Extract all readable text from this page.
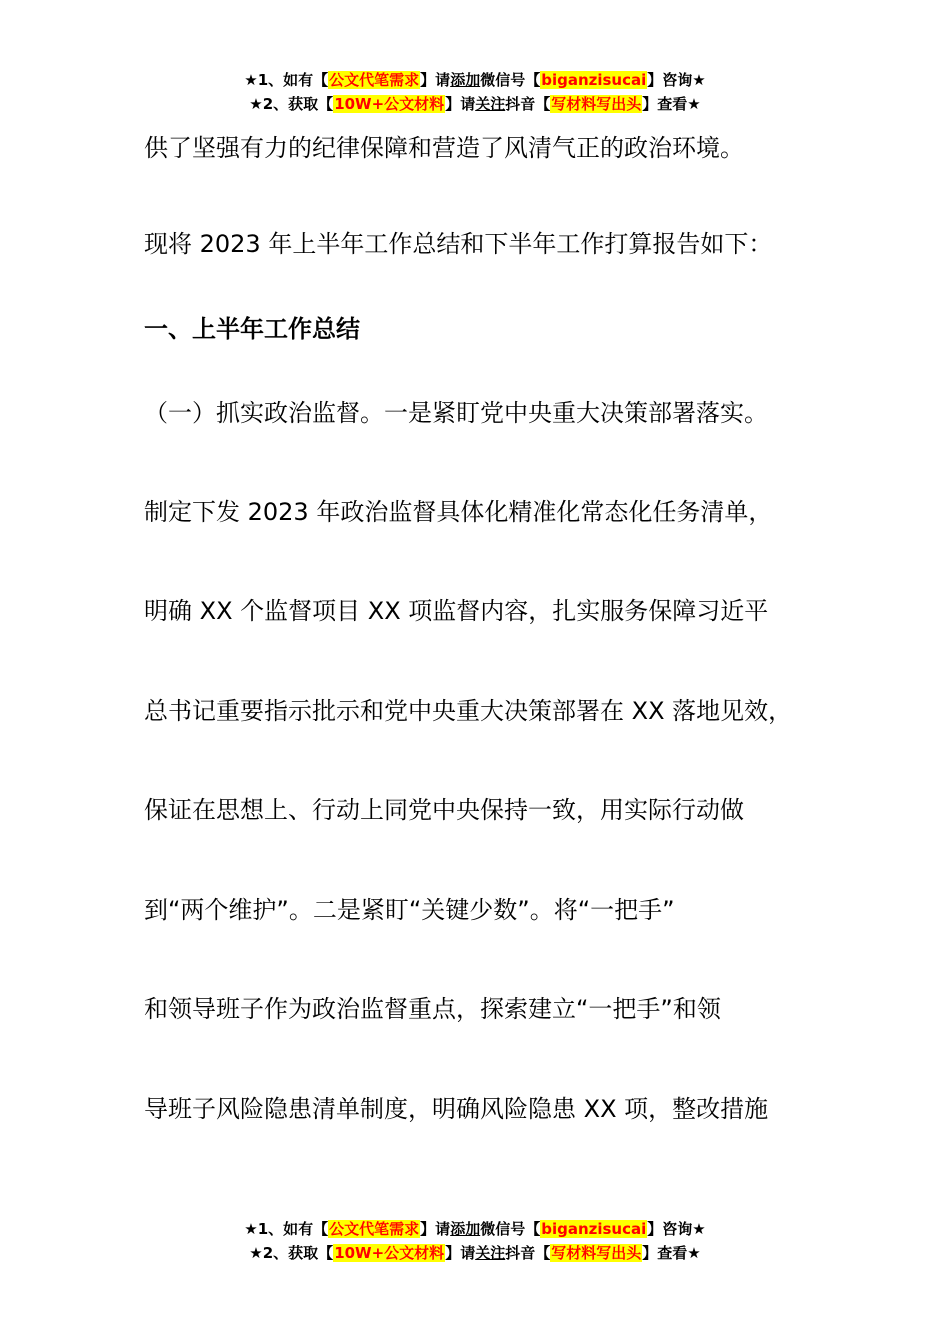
★1、如有【公文代笔需求】请添加微信号【biganzisucai】咨询★
★2、获取【10W+公文材料】请关注抖音【写材料写出头】查看★
供了坚强有力的纪律保障和营造了风清气正的政治环境。
现将 2023 年上半年工作总结和下半年工作打算报告如下：
一、上半年工作总结
（一）抓实政治监督。一是紧盯党中央重大决策部署落实。
制定下发 2023 年政治监督具体化精准化常态化任务清单，
明确 XX 个监督项目 XX 项监督内容，扎实服务保障习近平
总书记重要指示批示和党中央重大决策部署在 XX 落地见效，
保证在思想上、行动上同党中央保持一致，用实际行动做
到“两个维护”。二是紧盯“关键少数”。将“一把手”
和领导班子作为政治监督重点，探索建立“一把手”和领
导班子风险隐患清单制度，明确风险隐患 XX 项，整改措施
★1、如有【公文代笔需求】请添加微信号【biganzisucai】咨询★
★2、获取【10W+公文材料】请关注抖音【写材料写出头】查看★
